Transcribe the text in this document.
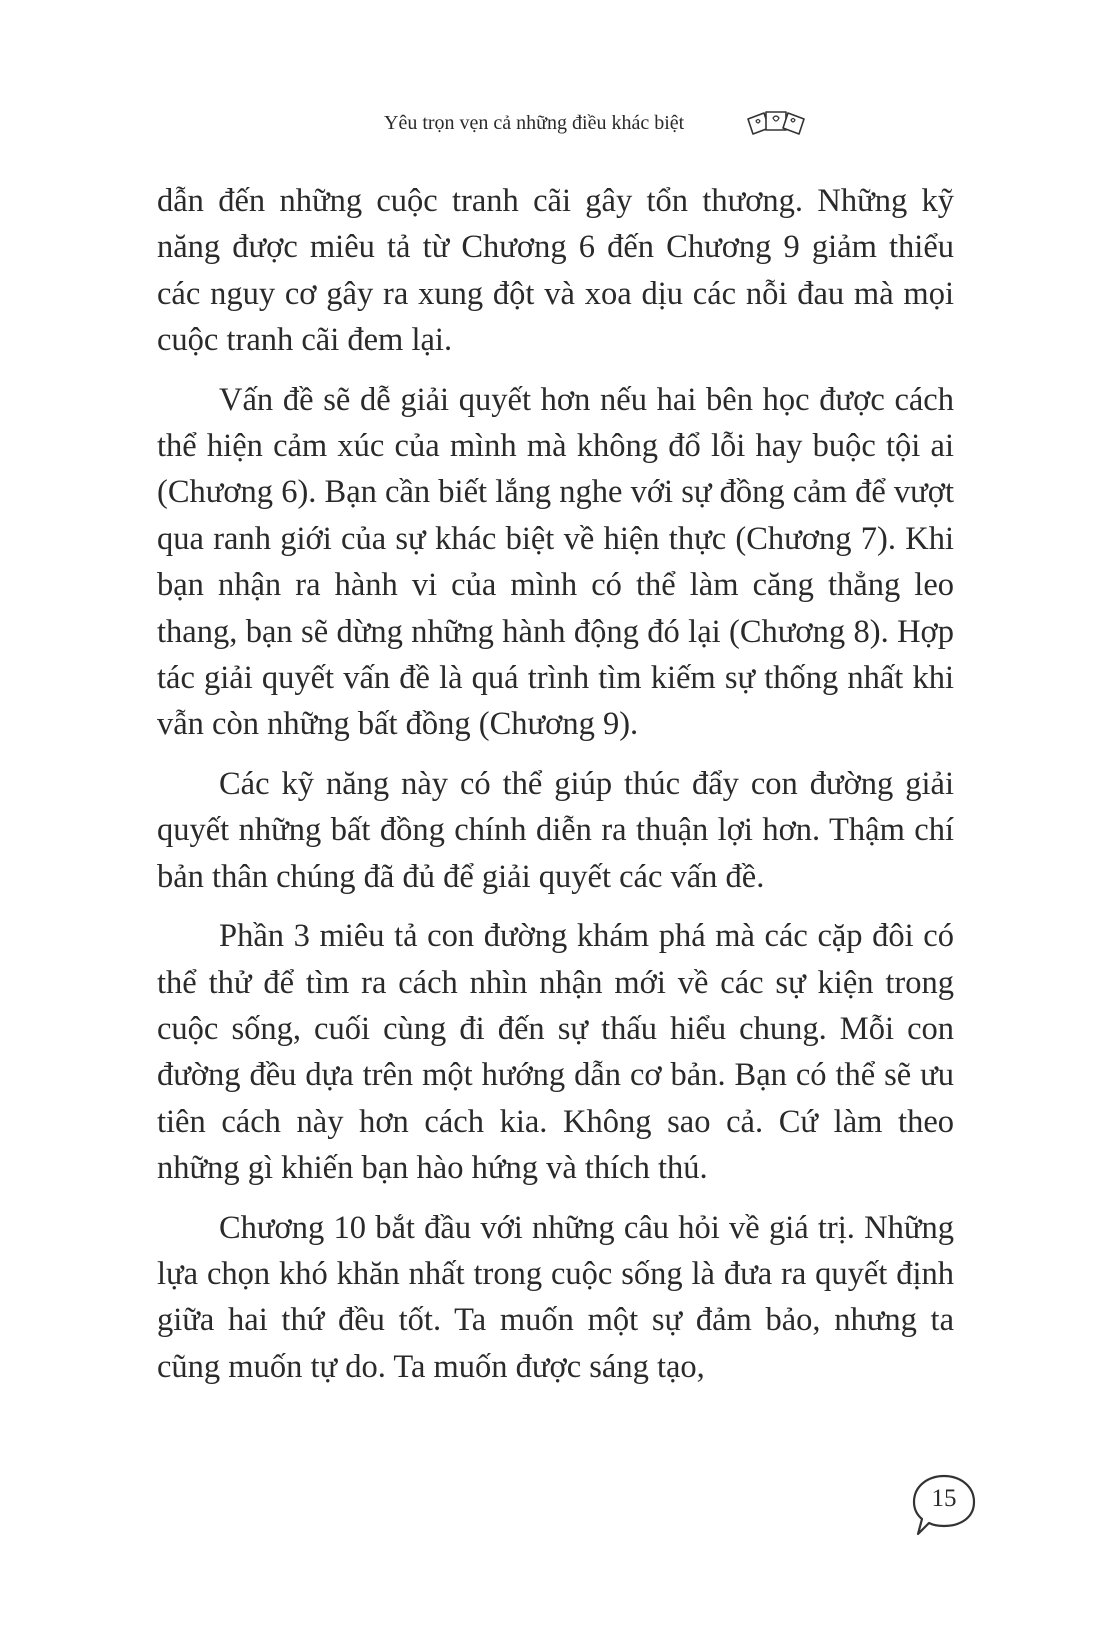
Yêu trọn vẹn cả những điều khác biệt

dẫn đến những cuộc tranh cãi gây tổn thương. Những kỹ năng được miêu tả từ Chương 6 đến Chương 9 giảm thiểu các nguy cơ gây ra xung đột và xoa dịu các nỗi đau mà mọi cuộc tranh cãi đem lại.

Vấn đề sẽ dễ giải quyết hơn nếu hai bên học được cách thể hiện cảm xúc của mình mà không đổ lỗi hay buộc tội ai (Chương 6). Bạn cần biết lắng nghe với sự đồng cảm để vượt qua ranh giới của sự khác biệt về hiện thực (Chương 7). Khi bạn nhận ra hành vi của mình có thể làm căng thẳng leo thang, bạn sẽ dừng những hành động đó lại (Chương 8). Hợp tác giải quyết vấn đề là quá trình tìm kiếm sự thống nhất khi vẫn còn những bất đồng (Chương 9).

Các kỹ năng này có thể giúp thúc đẩy con đường giải quyết những bất đồng chính diễn ra thuận lợi hơn. Thậm chí bản thân chúng đã đủ để giải quyết các vấn đề.

Phần 3 miêu tả con đường khám phá mà các cặp đôi có thể thử để tìm ra cách nhìn nhận mới về các sự kiện trong cuộc sống, cuối cùng đi đến sự thấu hiểu chung. Mỗi con đường đều dựa trên một hướng dẫn cơ bản. Bạn có thể sẽ ưu tiên cách này hơn cách kia. Không sao cả. Cứ làm theo những gì khiến bạn hào hứng và thích thú.

Chương 10 bắt đầu với những câu hỏi về giá trị. Những lựa chọn khó khăn nhất trong cuộc sống là đưa ra quyết định giữa hai thứ đều tốt. Ta muốn một sự đảm bảo, nhưng ta cũng muốn tự do. Ta muốn được sáng tạo,

15
